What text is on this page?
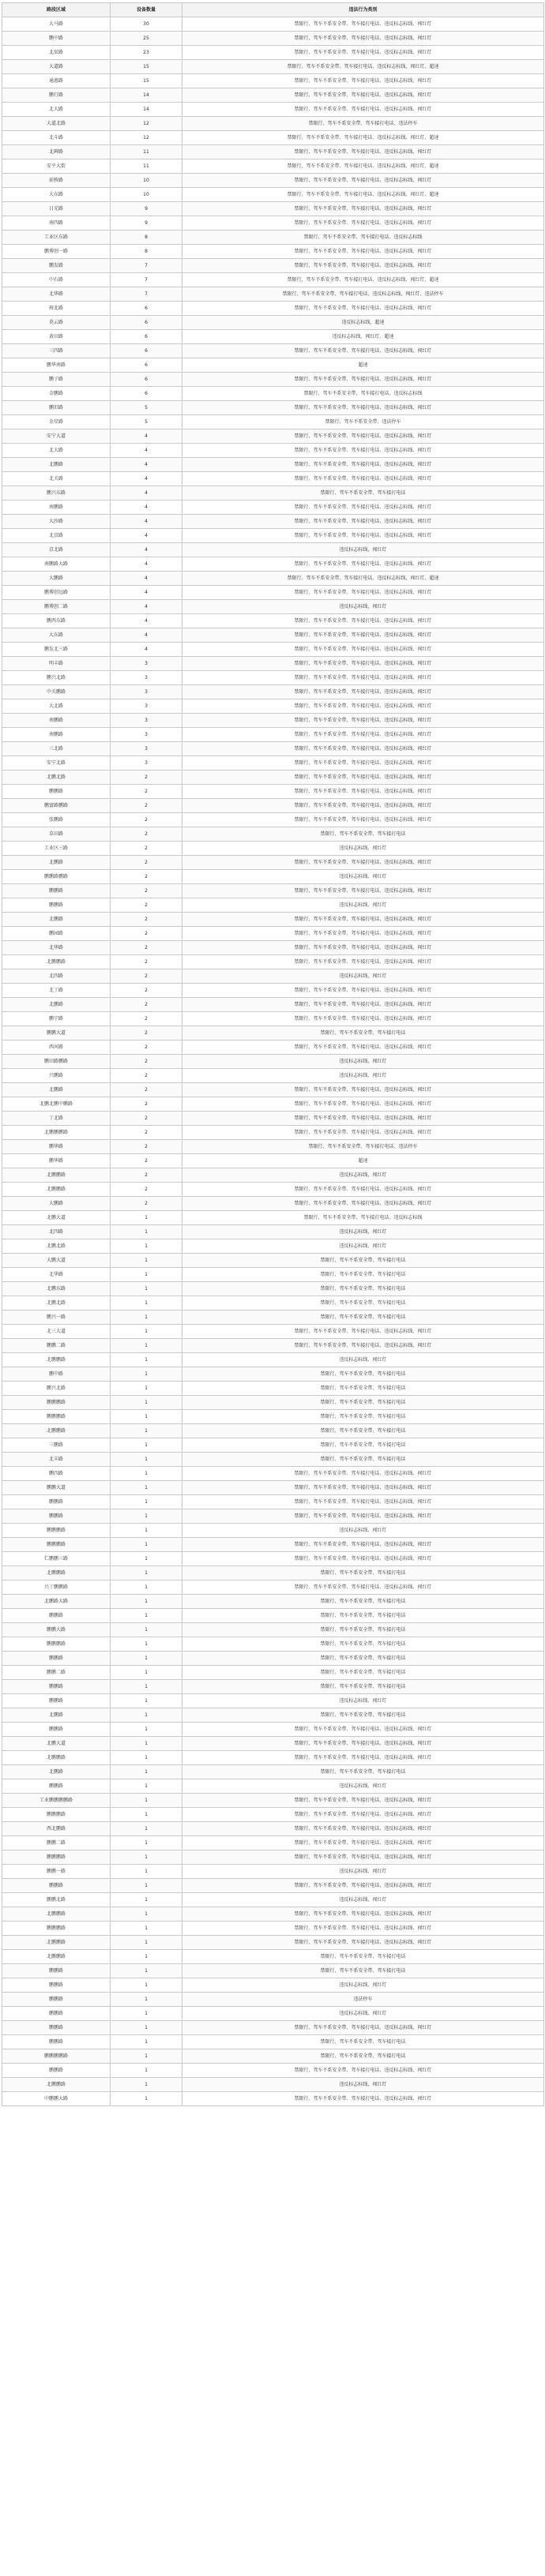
路段区域	设备数量	违法行为类别
大马路	30	禁限行、驾车不系安全带、驾车接打电话、违反标志标线、闯红灯
鹏中路	25	禁限行、驾车不系安全带、驾车接打电话、违反标志标线、闯红灯
北辰路	23	禁限行、驾车不系安全带、驾车接打电话、违反标志标线、闯红灯
大道路	15	禁限行、驾车不系安全带、驾车接打电话、违反标志标线、闯红灯、超速
通惠路	15	禁限行、驾车不系安全带、驾车接打电话、违反标志标线、闯红灯
鹏行路	14	禁限行、驾车不系安全带、驾车接打电话、违反标志标线、闯红灯
北大路	14	禁限行、驾车不系安全带、驾车接打电话、违反标志标线、闯红灯
大道北路	12	禁限行、驾车不系安全带、驾车接打电话、违法停车
北斗路	12	禁限行、驾车不系安全带、驾车接打电话、违反标志标线、闯红灯、超速
北碑路	11	禁限行、驾车不系安全带、驾车接打电话、违反标志标线、闯红灯
安平大街	11	禁限行、驾车不系安全带、驾车接打电话、违反标志标线、闯红灯、超速
前桥路	10	禁限行、驾车不系安全带、驾车接打电话、违反标志标线、闯红灯
大东路	10	禁限行、驾车不系安全带、驾车接打电话、违反标志标线、闯红灯、超速
日光路	9	禁限行、驾车不系安全带、驾车接打电话、违反标志标线、闯红灯
南四路	9	禁限行、驾车不系安全带、驾车接打电话、违反标志标线、闯红灯
工业区东路	8	禁限行、驾车不系安全带、驾车接打电话、违反标志标线
鹏博创一路	8	禁限行、驾车不系安全带、驾车接打电话、违反标志标线、闯红灯
鹏发路	7	禁限行、驾车不系安全带、驾车接打电话、违反标志标线、闯红灯
中石路	7	禁限行、驾车不系安全带、驾车接打电话、违反标志标线、闯红灯、超速
北华路	7	禁限行、驾车不系安全带、驾车接打电话、违反标志标线、闯红灯、违法停车
府北路	6	禁限行、驾车不系安全带、驾车接打电话、违反标志标线、闯红灯
莫云路	6	违反标志标线、超速
黄田路	6	违反标志标线、闯红灯、超速
三四路	6	禁限行、驾车不系安全带、驾车接打电话、违反标志标线、闯红灯
鹏华南路	6	超速
鹏子路	6	禁限行、驾车不系安全带、驾车接打电话、违反标志标线、闯红灯
金鹏路	6	禁限行、驾车不系安全带、驾车接打电话、违反标志标线
鹏旧路	5	禁限行、驾车不系安全带、驾车接打电话、违反标志标线、闯红灯
金星路	5	禁限行、驾车不系安全带、违法停车
安宁大道	4	禁限行、驾车不系安全带、驾车接打电话、违反标志标线、闯红灯
北大路	4	禁限行、驾车不系安全带、驾车接打电话、违反标志标线、闯红灯
北鹏路	4	禁限行、驾车不系安全带、驾车接打电话、违反标志标线、闯红灯
北关路	4	禁限行、驾车不系安全带、驾车接打电话、违反标志标线、闯红灯
鹏兴东路	4	禁限行、驾车不系安全带、驾车接打电话
南鹏路	4	禁限行、驾车不系安全带、驾车接打电话、违反标志标线、闯红灯
大沙路	4	禁限行、驾车不系安全带、驾车接打电话、违反标志标线、闯红灯
北京路	4	禁限行、驾车不系安全带、驾车接打电话、违反标志标线、闯红灯
京北路	4	违反标志标线、闯红灯
南鹏路大路	4	禁限行、驾车不系安全带、驾车接打电话、违反标志标线、闯红灯
大鹏路	4	禁限行、驾车不系安全带、驾车接打电话、违反标志标线、闯红灯、超速
鹏博创远路	4	禁限行、驾车不系安全带、驾车接打电话、违反标志标线、闯红灯
鹏博创二路	4	违反标志标线、闯红灯
鹏西东路	4	禁限行、驾车不系安全带、驾车接打电话、违反标志标线、闯红灯
大东路	4	禁限行、驾车不系安全带、驾车接打电话、违反标志标线、闯红灯
鹏发北三路	4	禁限行、驾车不系安全带、驾车接打电话、违反标志标线、闯红灯
明丰路	3	禁限行、驾车不系安全带、驾车接打电话、违反标志标线、闯红灯
鹏兴北路	3	禁限行、驾车不系安全带、驾车接打电话、违反标志标线、闯红灯
中关鹏路	3	禁限行、驾车不系安全带、驾车接打电话、违反标志标线、闯红灯
大北路	3	禁限行、驾车不系安全带、驾车接打电话、违反标志标线、闯红灯
南鹏路	3	禁限行、驾车不系安全带、驾车接打电话、违反标志标线、闯红灯
南鹏路	3	禁限行、驾车不系安全带、驾车接打电话、违反标志标线、闯红灯
三北路	3	禁限行、驾车不系安全带、驾车接打电话、违反标志标线、闯红灯
安宁北路	3	禁限行、驾车不系安全带、驾车接打电话、违反标志标线、闯红灯
北鹏北路	2	禁限行、驾车不系安全带、驾车接打电话、违反标志标线、闯红灯
鹏鹏路	2	禁限行、驾车不系安全带、驾车接打电话、违反标志标线、闯红灯
鹏富路鹏路	2	禁限行、驾车不系安全带、驾车接打电话、违反标志标线、闯红灯
张鹏路	2	禁限行、驾车不系安全带、驾车接打电话、违反标志标线、闯红灯
草田路	2	禁限行、驾车不系安全带、驾车接打电话
工业区三路	2	违反标志标线、闯红灯
北鹏路	2	禁限行、驾车不系安全带、驾车接打电话、违反标志标线、闯红灯
鹏鹏路鹏路	2	违反标志标线、闯红灯
鹏鹏路	2	禁限行、驾车不系安全带、驾车接打电话、违反标志标线、闯红灯
鹏鹏路	2	违反标志标线、闯红灯
北鹏路	2	禁限行、驾车不系安全带、驾车接打电话、违反标志标线、闯红灯
鹏园路	2	禁限行、驾车不系安全带、驾车接打电话、违反标志标线、闯红灯
北华路	2	禁限行、驾车不系安全带、驾车接打电话、违反标志标线、闯红灯
北鹏鹏路	2	禁限行、驾车不系安全带、驾车接打电话、违反标志标线、闯红灯
北四路	2	违反标志标线、闯红灯
北丁路	2	禁限行、驾车不系安全带、驾车接打电话、违反标志标线、闯红灯
北鹏路	2	禁限行、驾车不系安全带、驾车接打电话、违反标志标线、闯红灯
鹏宁路	2	禁限行、驾车不系安全带、驾车接打电话、违反标志标线、闯红灯
鹏鹏大道	2	禁限行、驾车不系安全带、驾车接打电话
西河路	2	禁限行、驾车不系安全带、驾车接打电话、违反标志标线、闯红灯
鹏田路鹏路	2	违反标志标线、闯红灯
兴鹏路	2	违反标志标线、闯红灯
北鹏路	2	禁限行、驾车不系安全带、驾车接打电话、违反标志标线、闯红灯
北鹏北鹏中鹏路	2	禁限行、驾车不系安全带、驾车接打电话、违反标志标线、闯红灯
丁北路	2	禁限行、驾车不系安全带、驾车接打电话、违反标志标线、闯红灯
北鹏鹏鹏路	2	禁限行、驾车不系安全带、驾车接打电话、违反标志标线、闯红灯
鹏华路	2	禁限行、驾车不系安全带、驾车接打电话、违法停车
鹏华路	2	超速
北鹏鹏路	2	违反标志标线、闯红灯
北鹏鹏路	2	禁限行、驾车不系安全带、驾车接打电话、违反标志标线、闯红灯
大鹏路	2	禁限行、驾车不系安全带、驾车接打电话、违反标志标线、闯红灯
北鹏大道	1	禁限行、驾车不系安全带、驾车接打电话、违反标志标线
北四路	1	违反标志标线、闯红灯
北鹏北路	1	违反标志标线、闯红灯
大鹏大道	1	禁限行、驾车不系安全带、驾车接打电话
北华路	1	禁限行、驾车不系安全带、驾车接打电话
北鹏东路	1	禁限行、驾车不系安全带、驾车接打电话
北鹏北路	1	禁限行、驾车不系安全带、驾车接打电话
鹏兴一路	1	禁限行、驾车不系安全带、驾车接打电话
北三大道	1	禁限行、驾车不系安全带、驾车接打电话、违反标志标线、闯红灯
鹏鹏二路	1	禁限行、驾车不系安全带、驾车接打电话、违反标志标线、闯红灯
北鹏鹏路	1	违反标志标线、闯红灯
鹏中路	1	禁限行、驾车不系安全带、驾车接打电话
鹏兴北路	1	禁限行、驾车不系安全带、驾车接打电话
鹏鹏鹏路	1	禁限行、驾车不系安全带、驾车接打电话
鹏鹏鹏路	1	禁限行、驾车不系安全带、驾车接打电话
北鹏鹏路	1	禁限行、驾车不系安全带、驾车接打电话
三鹏路	1	禁限行、驾车不系安全带、驾车接打电话
北丰路	1	禁限行、驾车不系安全带、驾车接打电话
鹏四路	1	禁限行、驾车不系安全带、驾车接打电话、违反标志标线、闯红灯
鹏鹏大道	1	禁限行、驾车不系安全带、驾车接打电话、违反标志标线、闯红灯
鹏鹏路	1	禁限行、驾车不系安全带、驾车接打电话、违反标志标线、闯红灯
鹏鹏路	1	禁限行、驾车不系安全带、驾车接打电话、违反标志标线、闯红灯
鹏鹏鹏路	1	违反标志标线、闯红灯
鹏鹏鹏路	1	禁限行、驾车不系安全带、驾车接打电话、违反标志标线、闯红灯
仁鹏鹏三路	1	禁限行、驾车不系安全带、驾车接打电话、违反标志标线、闯红灯
北鹏鹏路	1	禁限行、驾车不系安全带、驾车接打电话
兴丁鹏鹏路	1	禁限行、驾车不系安全带、驾车接打电话、违反标志标线、闯红灯
北鹏路大路	1	禁限行、驾车不系安全带、驾车接打电话
鹏鹏路	1	禁限行、驾车不系安全带、驾车接打电话
鹏鹏大路	1	禁限行、驾车不系安全带、驾车接打电话
鹏鹏鹏路	1	禁限行、驾车不系安全带、驾车接打电话
鹏鹏路	1	禁限行、驾车不系安全带、驾车接打电话
鹏鹏二路	1	禁限行、驾车不系安全带、驾车接打电话
鹏鹏路	1	禁限行、驾车不系安全带、驾车接打电话
鹏鹏路	1	违反标志标线、闯红灯
北鹏路	1	禁限行、驾车不系安全带、驾车接打电话
鹏鹏路	1	禁限行、驾车不系安全带、驾车接打电话、违反标志标线、闯红灯
北鹏大道	1	禁限行、驾车不系安全带、驾车接打电话、违反标志标线、闯红灯
北鹏鹏路	1	禁限行、驾车不系安全带、驾车接打电话、违反标志标线、闯红灯
北鹏路	1	禁限行、驾车不系安全带、驾车接打电话
鹏鹏路	1	违反标志标线、闯红灯
工业鹏鹏鹏鹏路	1	禁限行、驾车不系安全带、驾车接打电话、违反标志标线、闯红灯
鹏鹏鹏路	1	禁限行、驾车不系安全带、驾车接打电话、违反标志标线、闯红灯
西北鹏路	1	禁限行、驾车不系安全带、驾车接打电话、违反标志标线、闯红灯
鹏鹏二路	1	禁限行、驾车不系安全带、驾车接打电话、违反标志标线、闯红灯
鹏鹏鹏路	1	禁限行、驾车不系安全带、驾车接打电话、违反标志标线、闯红灯
鹏鹏一路	1	违反标志标线、闯红灯
鹏鹏路	1	禁限行、驾车不系安全带、驾车接打电话、违反标志标线、闯红灯
鹏鹏北路	1	违反标志标线、闯红灯
北鹏鹏路	1	禁限行、驾车不系安全带、驾车接打电话、违反标志标线、闯红灯
鹏鹏鹏路	1	禁限行、驾车不系安全带、驾车接打电话、违反标志标线、闯红灯
北鹏鹏路	1	禁限行、驾车不系安全带、驾车接打电话、违反标志标线、闯红灯
北鹏鹏路	1	禁限行、驾车不系安全带、驾车接打电话
鹏鹏路	1	禁限行、驾车不系安全带、驾车接打电话
鹏鹏路	1	违反标志标线、闯红灯
鹏鹏路	1	违法停车
鹏鹏路	1	违反标志标线、闯红灯
鹏鹏路	1	禁限行、驾车不系安全带、驾车接打电话、违反标志标线、闯红灯
鹏鹏路	1	禁限行、驾车不系安全带、驾车接打电话
鹏鹏鹏鹏路	1	禁限行、驾车不系安全带、驾车接打电话
鹏鹏路	1	禁限行、驾车不系安全带、驾车接打电话、违反标志标线、闯红灯
北鹏鹏路	1	违反标志标线、闯红灯
中鹏鹏大路	1	禁限行、驾车不系安全带、驾车接打电话、违反标志标线、闯红灯
